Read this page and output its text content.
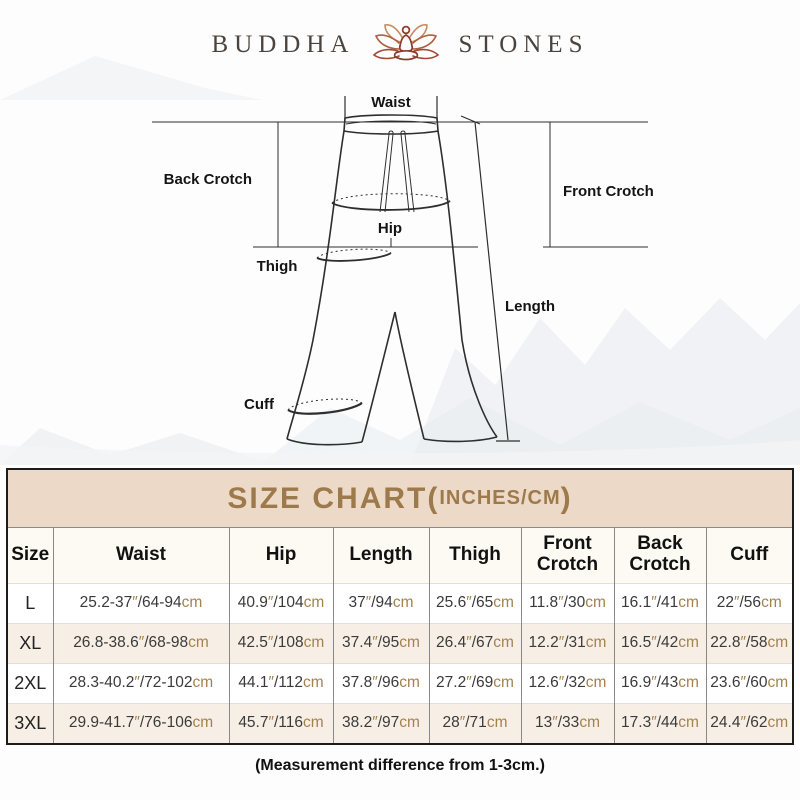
BUDDHA	STONES
Waist
Back Crotch
Front Crotch
Hip
Thigh
Length
Cuff
SIZE CHART( INCHES/CM )
Size	Waist	Hip	Length	Thigh	Front Crotch	Back Crotch	Cuff
L	25.2-37″/64-94cm	40.9″/104cm	37″/94cm	25.6″/65cm	11.8″/30cm	16.1″/41cm	22″/56cm
XL	26.8-38.6″/68-98cm	42.5″/108cm	37.4″/95cm	26.4″/67cm	12.2″/31cm	16.5″/42cm	22.8″/58cm
2XL	28.3-40.2″/72-102cm	44.1″/112cm	37.8″/96cm	27.2″/69cm	12.6″/32cm	16.9″/43cm	23.6″/60cm
3XL	29.9-41.7″/76-106cm	45.7″/116cm	38.2″/97cm	28″/71cm	13″/33cm	17.3″/44cm	24.4″/62cm
(Measurement difference from 1-3cm.)
